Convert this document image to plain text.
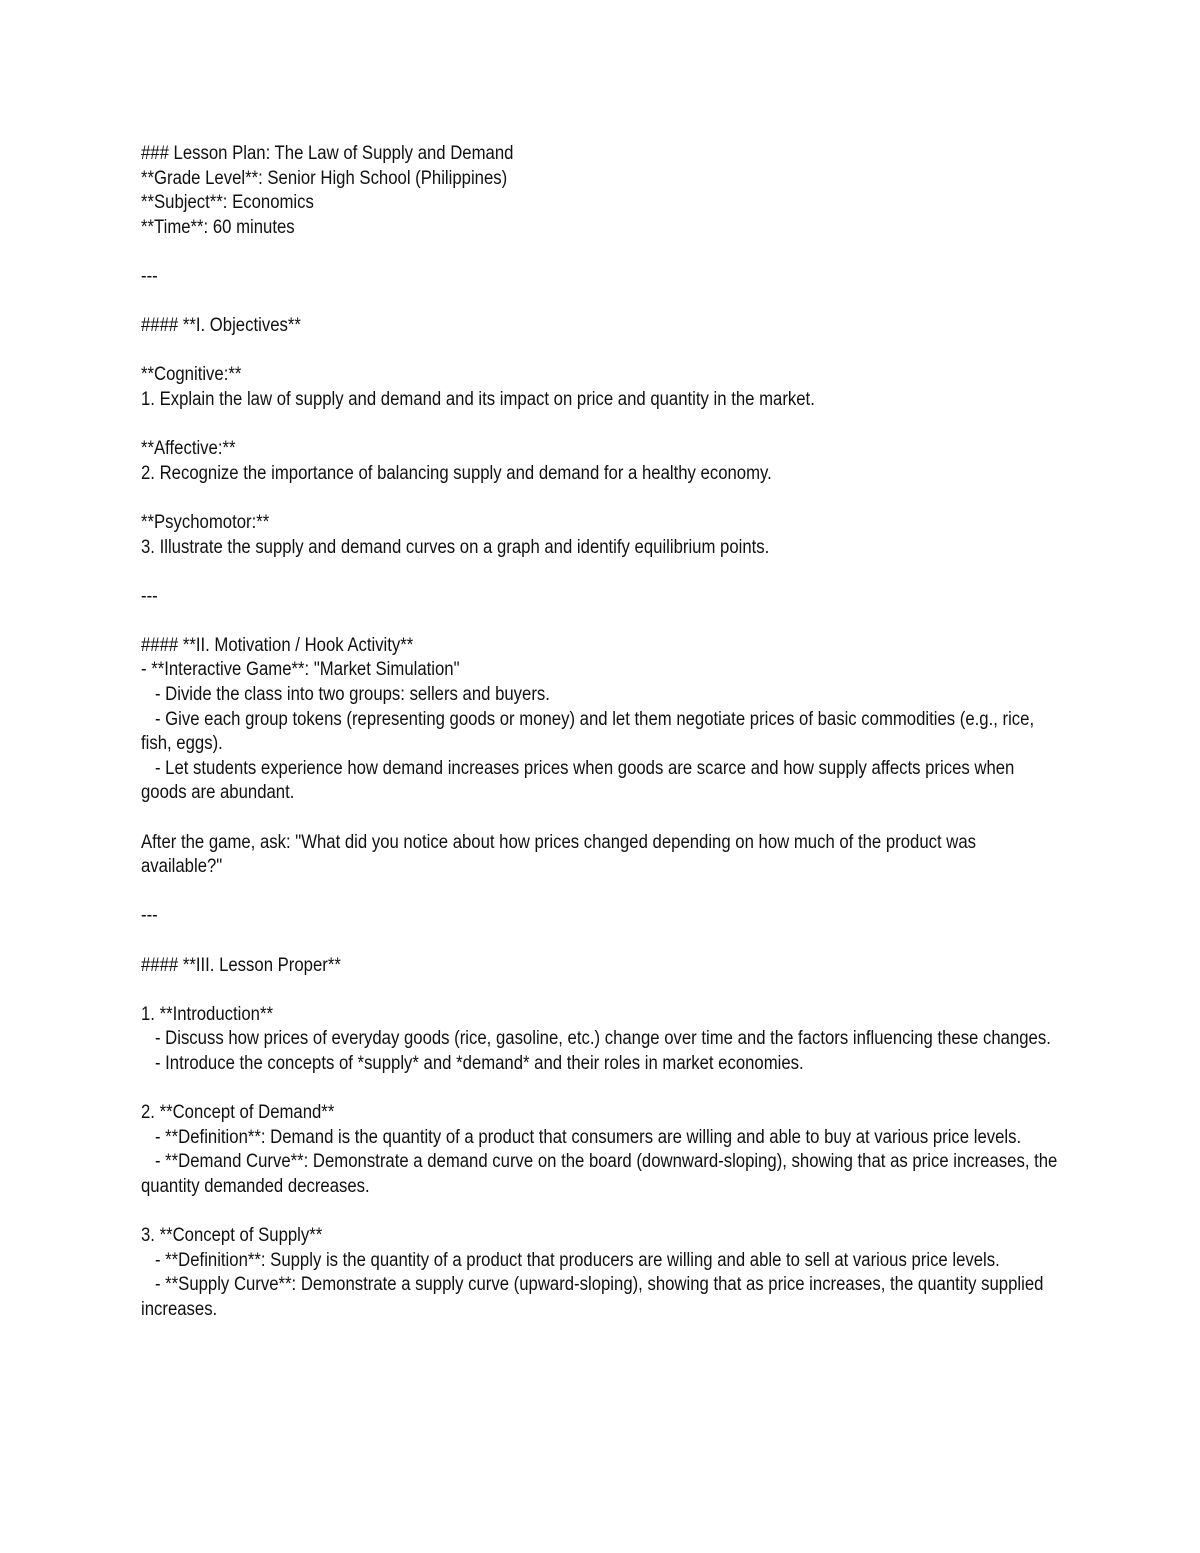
### Lesson Plan: The Law of Supply and Demand
**Grade Level**: Senior High School (Philippines)
**Subject**: Economics
**Time**: 60 minutes
---
#### **I. Objectives**
**Cognitive:**
1. Explain the law of supply and demand and its impact on price and quantity in the market.
**Affective:**
2. Recognize the importance of balancing supply and demand for a healthy economy.
**Psychomotor:**
3. Illustrate the supply and demand curves on a graph and identify equilibrium points.
---
#### **II. Motivation / Hook Activity**
- **Interactive Game**: "Market Simulation"
- Divide the class into two groups: sellers and buyers.
- Give each group tokens (representing goods or money) and let them negotiate prices of basic commodities (e.g., rice, fish, eggs).
- Let students experience how demand increases prices when goods are scarce and how supply affects prices when goods are abundant.
After the game, ask: "What did you notice about how prices changed depending on how much of the product was available?"
---
#### **III. Lesson Proper**
1. **Introduction**
- Discuss how prices of everyday goods (rice, gasoline, etc.) change over time and the factors influencing these changes.
- Introduce the concepts of *supply* and *demand* and their roles in market economies.
2. **Concept of Demand**
- **Definition**: Demand is the quantity of a product that consumers are willing and able to buy at various price levels.
- **Demand Curve**: Demonstrate a demand curve on the board (downward-sloping), showing that as price increases, the quantity demanded decreases.
3. **Concept of Supply**
- **Definition**: Supply is the quantity of a product that producers are willing and able to sell at various price levels.
- **Supply Curve**: Demonstrate a supply curve (upward-sloping), showing that as price increases, the quantity supplied increases.
